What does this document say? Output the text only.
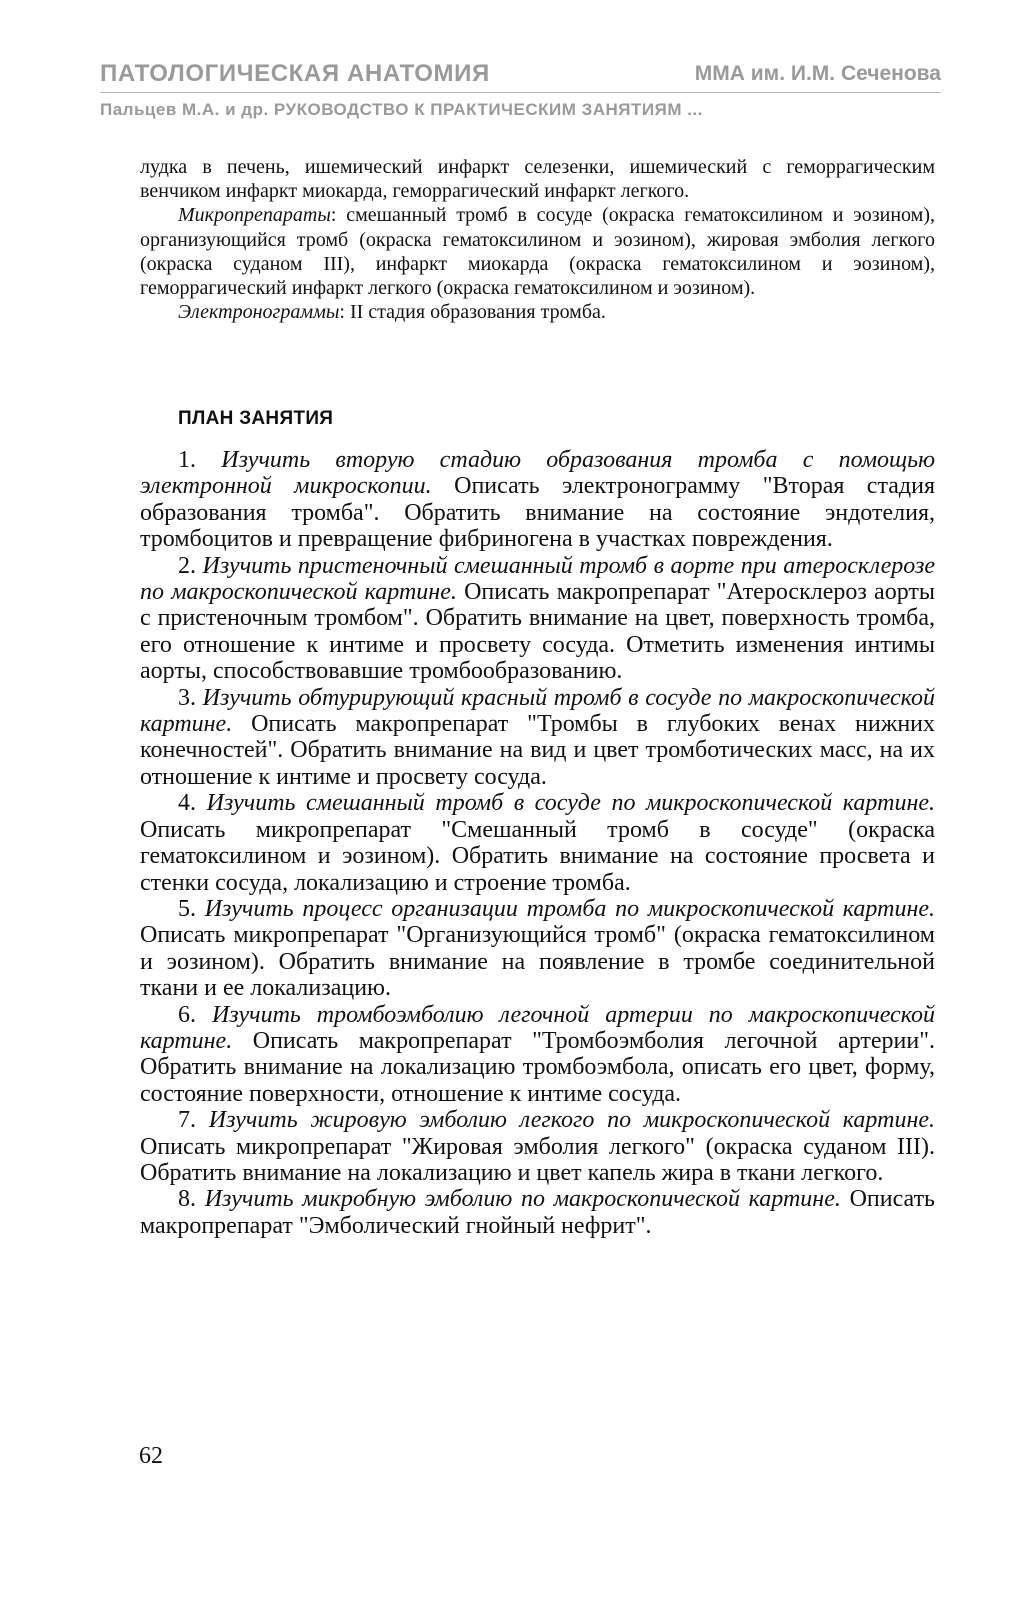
ПАТОЛОГИЧЕСКАЯ АНАТОМИЯ	ММА им. И.М. Сеченова
Пальцев М.А. и др. РУКОВОДСТВО К ПРАКТИЧЕСКИМ ЗАНЯТИЯМ ...

лудка в печень, ишемический инфаркт селезенки, ишемический с геморрагическим венчиком инфаркт миокарда, геморрагический инфаркт легкого.

Микропрепараты: смешанный тромб в сосуде (окраска гематоксилином и эозином), организующийся тромб (окраска гематоксилином и эозином), жировая эмболия легкого (окраска суданом III), инфаркт миокарда (окраска гематоксилином и эозином), геморрагический инфаркт легкого (окраска гематоксилином и эозином).

Электронограммы: II стадия образования тромба.

ПЛАН ЗАНЯТИЯ

1. Изучить вторую стадию образования тромба с помощью электронной микроскопии. Описать электронограмму "Вторая стадия образования тромба". Обратить внимание на состояние эндотелия, тромбоцитов и превращение фибриногена в участках повреждения.

2. Изучить пристеночный смешанный тромб в аорте при атеросклерозе по макроскопической картине. Описать макропрепарат "Атеросклероз аорты с пристеночным тромбом". Обратить внимание на цвет, поверхность тромба, его отношение к интиме и просвету сосуда. Отметить изменения интимы аорты, способствовавшие тромбообразованию.

3. Изучить обтурирующий красный тромб в сосуде по макроскопической картине. Описать макропрепарат "Тромбы в глубоких венах нижних конечностей". Обратить внимание на вид и цвет тромботических масс, на их отношение к интиме и просвету сосуда.

4. Изучить смешанный тромб в сосуде по микроскопической картине. Описать микропрепарат "Смешанный тромб в сосуде" (окраска гематоксилином и эозином). Обратить внимание на состояние просвета и стенки сосуда, локализацию и строение тромба.

5. Изучить процесс организации тромба по микроскопической картине. Описать микропрепарат "Организующийся тромб" (окраска гематоксилином и эозином). Обратить внимание на появление в тромбе соединительной ткани и ее локализацию.

6. Изучить тромбоэмболию легочной артерии по макроскопической картине. Описать макропрепарат "Тромбоэмболия легочной артерии". Обратить внимание на локализацию тромбоэмбола, описать его цвет, форму, состояние поверхности, отношение к интиме сосуда.

7. Изучить жировую эмболию легкого по микроскопической картине. Описать микропрепарат "Жировая эмболия легкого" (окраска суданом III). Обратить внимание на локализацию и цвет капель жира в ткани легкого.

8. Изучить микробную эмболию по макроскопической картине. Описать макропрепарат "Эмболический гнойный нефрит".

62
